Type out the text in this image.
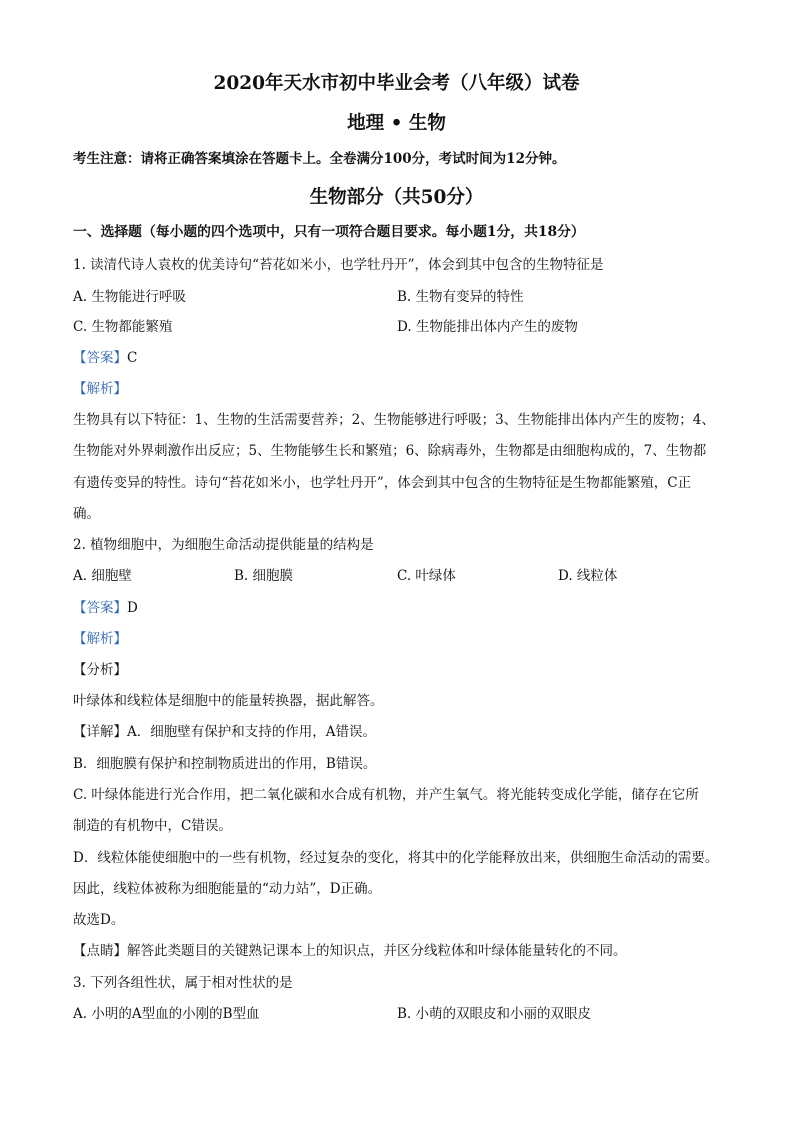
2020年天水市初中毕业会考（八年级）试卷
地理 • 生物
考生注意：请将正确答案填涂在答题卡上。全卷满分100分，考试时间为12分钟。
生物部分（共50分）
一、选择题（每小题的四个选项中，只有一项符合题目要求。每小题1分，共18分）
1. 读清代诗人袁枚的优美诗句“苔花如米小，也学牡丹开”，体会到其中包含的生物特征是
A. 生物能进行呼吸	B. 生物有变异的特性
C. 生物都能繁殖	D. 生物能排出体内产生的废物
【答案】C
【解析】
生物具有以下特征：1、生物的生活需要营养；2、生物能够进行呼吸；3、生物能排出体内产生的废物；4、
生物能对外界刺激作出反应；5、生物能够生长和繁殖；6、除病毒外，生物都是由细胞构成的，7、生物都
有遗传变异的特性。诗句“苔花如米小，也学牡丹开”，体会到其中包含的生物特征是生物都能繁殖，C正
确。
2. 植物细胞中，为细胞生命活动提供能量的结构是
A. 细胞壁	B. 细胞膜	C. 叶绿体	D. 线粒体
【答案】D
【解析】
【分析】
叶绿体和线粒体是细胞中的能量转换器，据此解答。
【详解】A．细胞壁有保护和支持的作用，A错误。
B．细胞膜有保护和控制物质进出的作用，B错误。
C. 叶绿体能进行光合作用，把二氧化碳和水合成有机物，并产生氧气。将光能转变成化学能，储存在它所
制造的有机物中，C错误。
D．线粒体能使细胞中的一些有机物，经过复杂的变化，将其中的化学能释放出来，供细胞生命活动的需要。
因此，线粒体被称为细胞能量的“动力站”，D正确。
故选D。
【点睛】解答此类题目的关键熟记课本上的知识点，并区分线粒体和叶绿体能量转化的不同。
3. 下列各组性状，属于相对性状的是
A. 小明的A型血的小刚的B型血	B. 小萌的双眼皮和小丽的双眼皮
